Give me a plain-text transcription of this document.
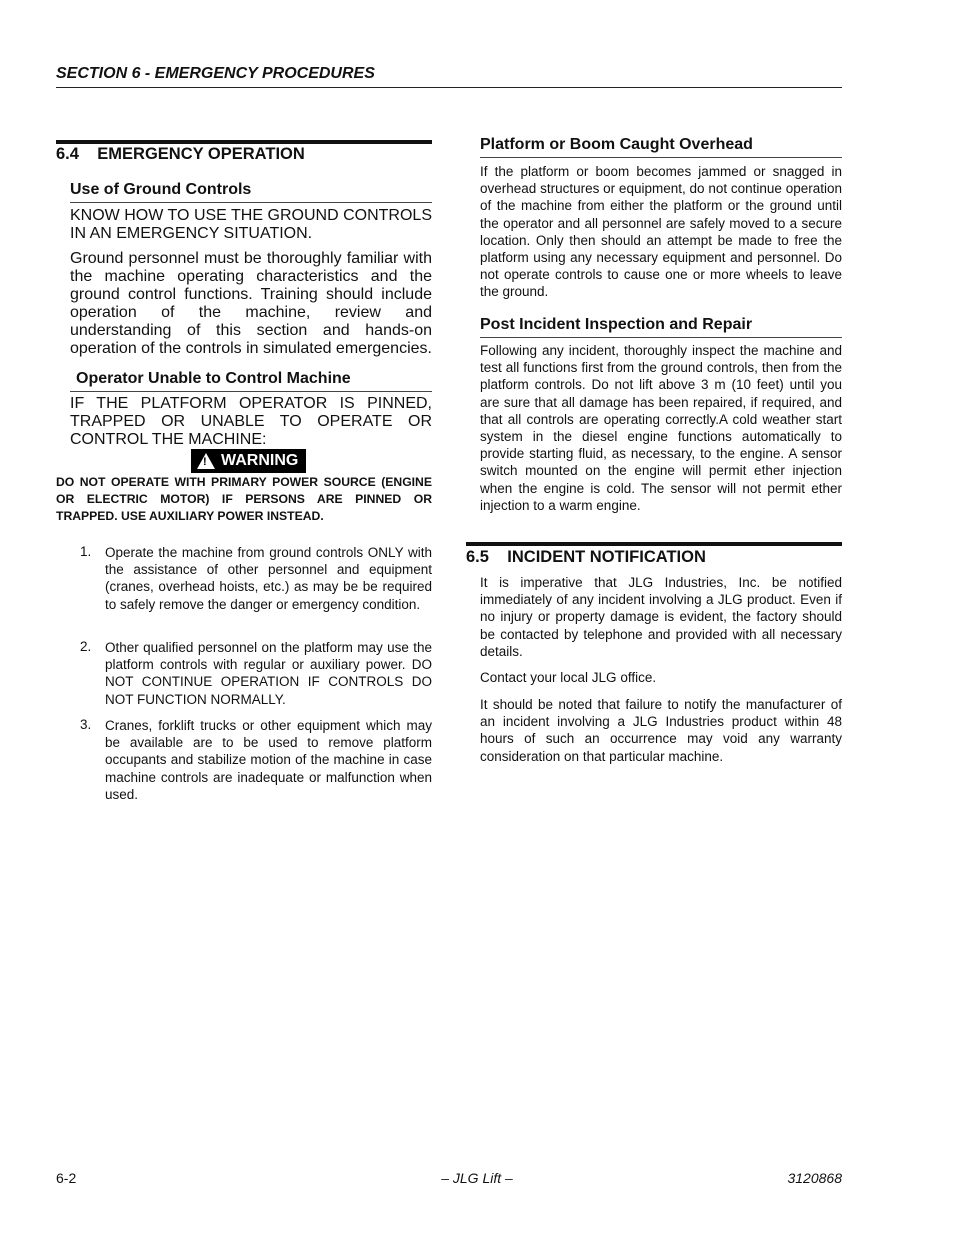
SECTION 6 - EMERGENCY PROCEDURES
6.4    EMERGENCY OPERATION
Use of Ground Controls

KNOW HOW TO USE THE GROUND CONTROLS IN AN EMERGENCY SITUATION.

Ground personnel must be thoroughly familiar with the machine operating characteristics and the ground control functions. Training should include operation of the machine, review and understanding of this section and hands-on operation of the controls in simulated emergencies.

Operator Unable to Control Machine

IF THE PLATFORM OPERATOR IS PINNED, TRAPPED OR UNABLE TO OPERATE OR CONTROL THE MACHINE:

! WARNING
DO NOT OPERATE WITH PRIMARY POWER SOURCE (ENGINE OR ELECTRIC MOTOR) IF PERSONS ARE PINNED OR TRAPPED. USE AUXILIARY POWER INSTEAD.
1. Operate the machine from ground controls ONLY with the assistance of other personnel and equipment (cranes, overhead hoists, etc.) as may be be required to safely remove the danger or emergency condition.

2. Other qualified personnel on the platform may use the platform controls with regular or auxiliary power. DO NOT CONTINUE OPERATION IF CONTROLS DO NOT FUNCTION NORMALLY.

3. Cranes, forklift trucks or other equipment which may be available are to be used to remove platform occupants and stabilize motion of the machine in case machine controls are inadequate or malfunction when used.

Platform or Boom Caught Overhead

If the platform or boom becomes jammed or snagged in overhead structures or equipment, do not continue operation of the machine from either the platform or the ground until the operator and all personnel are safely moved to a secure location. Only then should an attempt be made to free the platform using any necessary equipment and personnel. Do not operate controls to cause one or more wheels to leave the ground.

Post Incident Inspection and Repair

Following any incident, thoroughly inspect the machine and test all functions first from the ground controls, then from the platform controls. Do not lift above 3 m (10 feet) until you are sure that all damage has been repaired, if required, and that all controls are operating correctly.A cold weather start system in the diesel engine functions automatically to provide starting fluid, as necessary, to the engine. A sensor switch mounted on the engine will permit ether injection when the engine is cold. The sensor will not permit ether injection to a warm engine.

6.5    INCIDENT NOTIFICATION

It is imperative that JLG Industries, Inc. be notified immediately of any incident involving a JLG product. Even if no injury or property damage is evident, the factory should be contacted by telephone and provided with all necessary details.

Contact your local JLG office.

It should be noted that failure to notify the manufacturer of an incident involving a JLG Industries product within 48 hours of such an occurrence may void any warranty consideration on that particular machine.

6-2	– JLG Lift –	3120868
